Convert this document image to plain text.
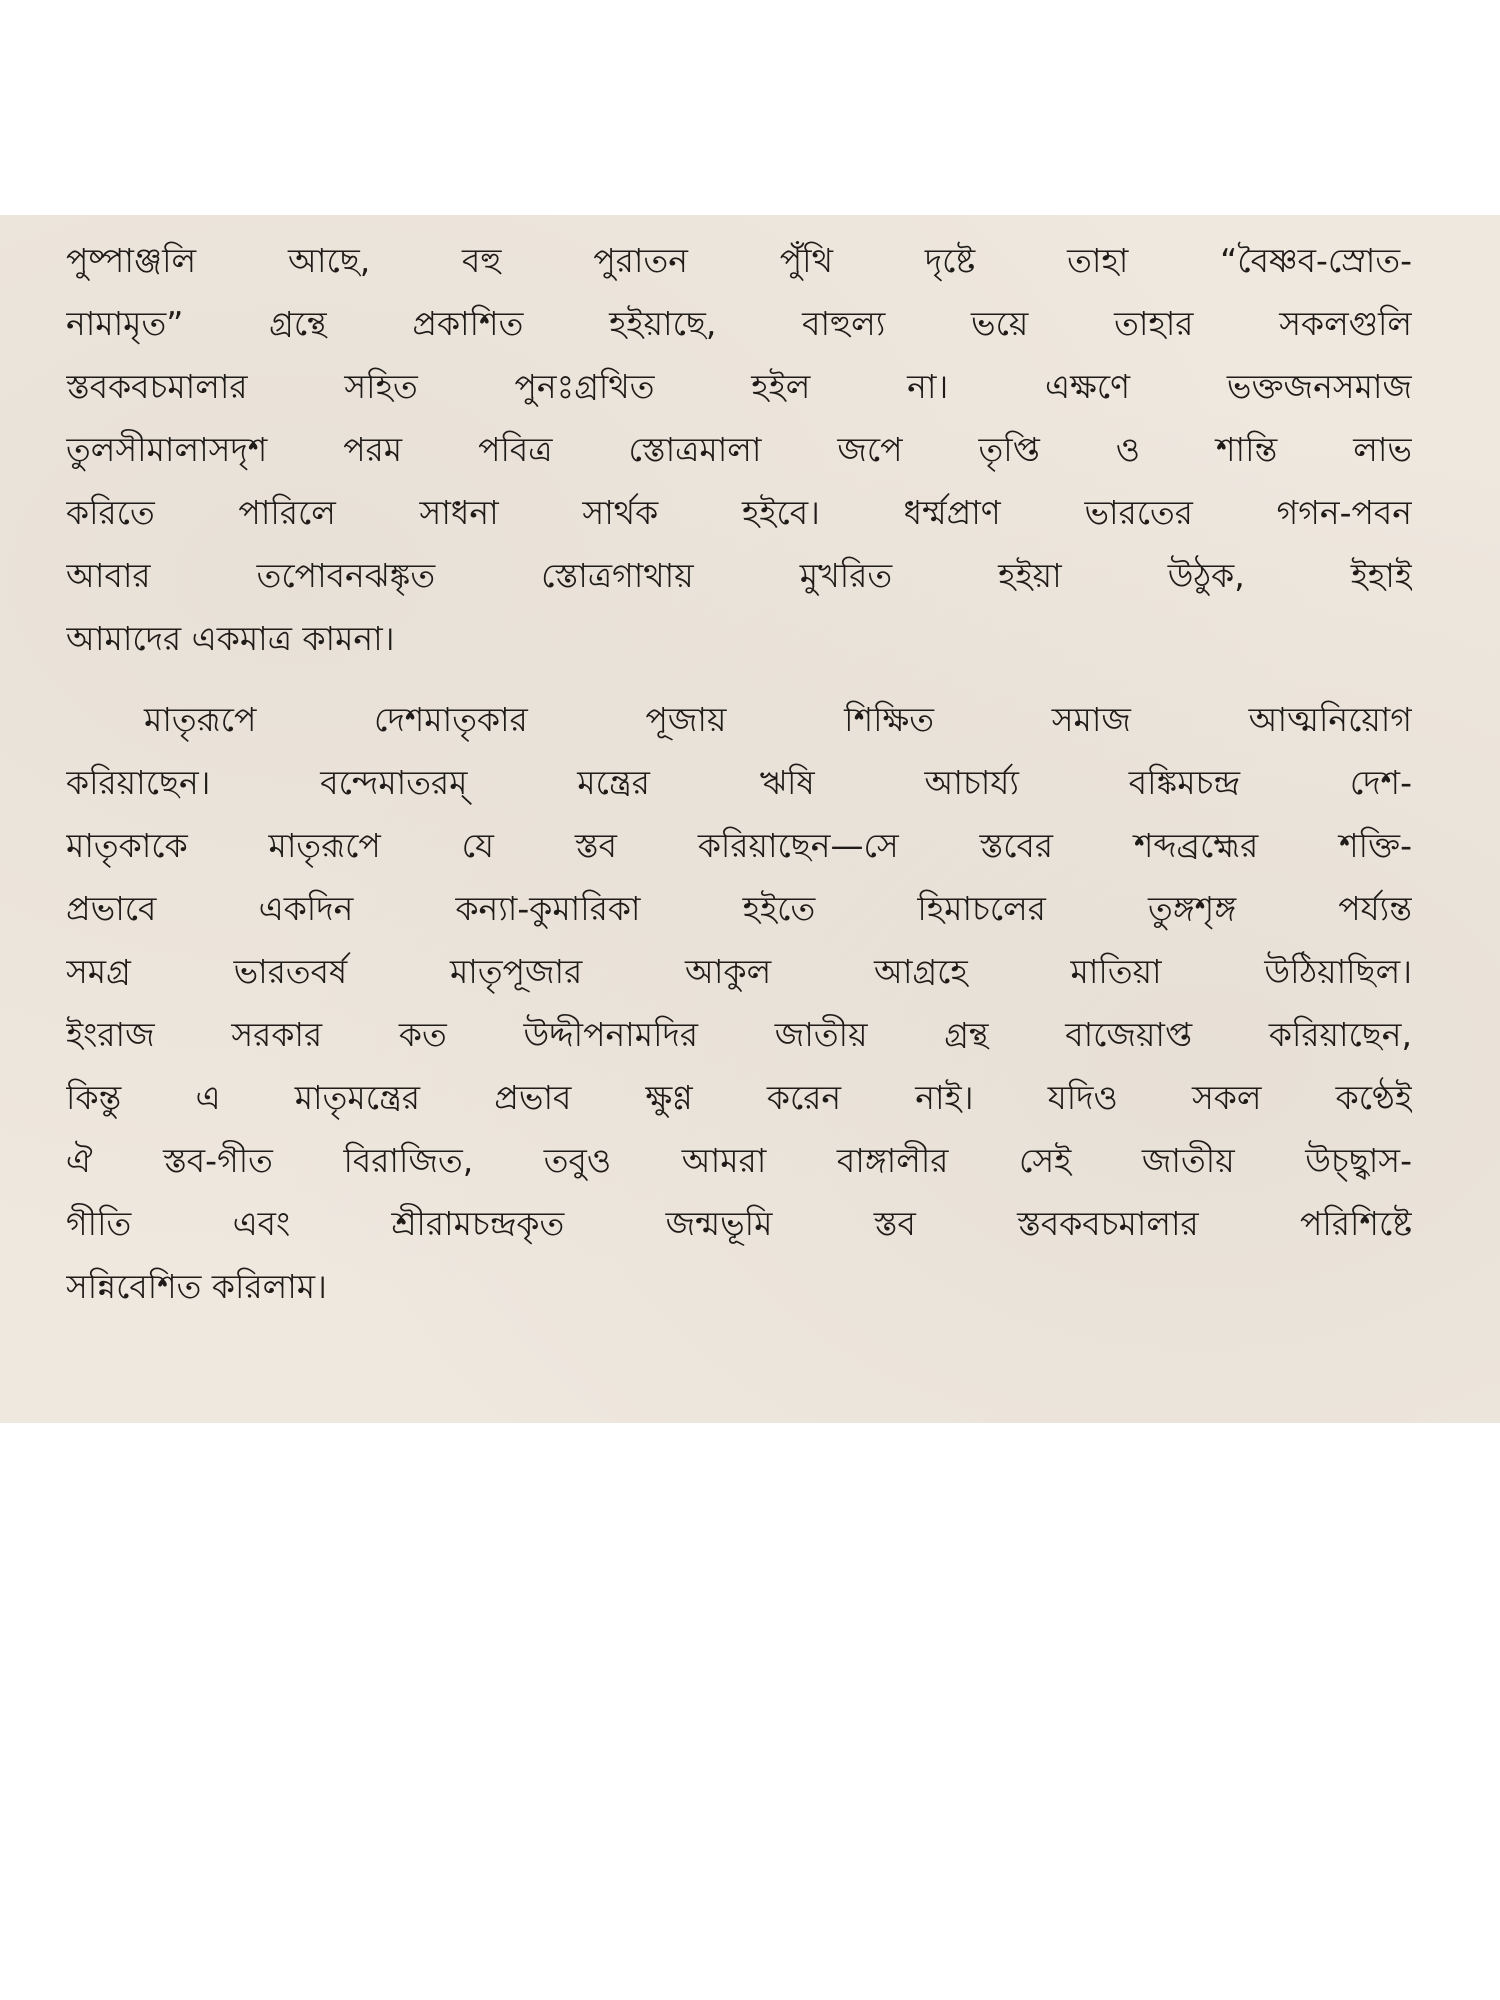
পুষ্পাঞ্জলি আছে, বহু পুরাতন পুঁথি দৃষ্টে তাহা “বৈষ্ণব-স্রোত-
নামামৃত” গ্রন্থে প্রকাশিত হইয়াছে, বাহুল্য ভয়ে তাহার সকলগুলি
স্তবকবচমালার সহিত পুনঃগ্রথিত হইল না। এক্ষণে ভক্তজনসমাজ
তুলসীমালাসদৃশ পরম পবিত্র স্তোত্রমালা জপে তৃপ্তি ও শান্তি লাভ
করিতে পারিলে সাধনা সার্থক হইবে। ধর্ম্মপ্রাণ ভারতের গগন-পবন
আবার তপোবনঝঙ্কৃত স্তোত্রগাথায় মুখরিত হইয়া উঠুক, ইহাই
আমাদের একমাত্র কামনা।

মাতৃরূপে দেশমাতৃকার পূজায় শিক্ষিত সমাজ আত্মনিয়োগ
করিয়াছেন। বন্দেমাতরম্ মন্ত্রের ঋষি আচার্য্য বঙ্কিমচন্দ্র দেশ-
মাতৃকাকে মাতৃরূপে যে স্তব করিয়াছেন—সে স্তবের শব্দব্রহ্মের শক্তি-
প্রভাবে একদিন কন্যা-কুমারিকা হইতে হিমাচলের তুঙ্গশৃঙ্গ পর্য্যন্ত
সমগ্র ভারতবর্ষ মাতৃপূজার আকুল আগ্রহে মাতিয়া উঠিয়াছিল।
ইংরাজ সরকার কত উদ্দীপনামদির জাতীয় গ্রন্থ বাজেয়াপ্ত করিয়াছেন,
কিন্তু এ মাতৃমন্ত্রের প্রভাব ক্ষুণ্ণ করেন নাই। যদিও সকল কণ্ঠেই
ঐ স্তব-গীত বিরাজিত, তবুও আমরা বাঙ্গালীর সেই জাতীয় উচ্ছ্বাস-
গীতি এবং শ্রীরামচন্দ্রকৃত জন্মভূমি স্তব স্তবকবচমালার পরিশিষ্টে
সন্নিবেশিত করিলাম।
